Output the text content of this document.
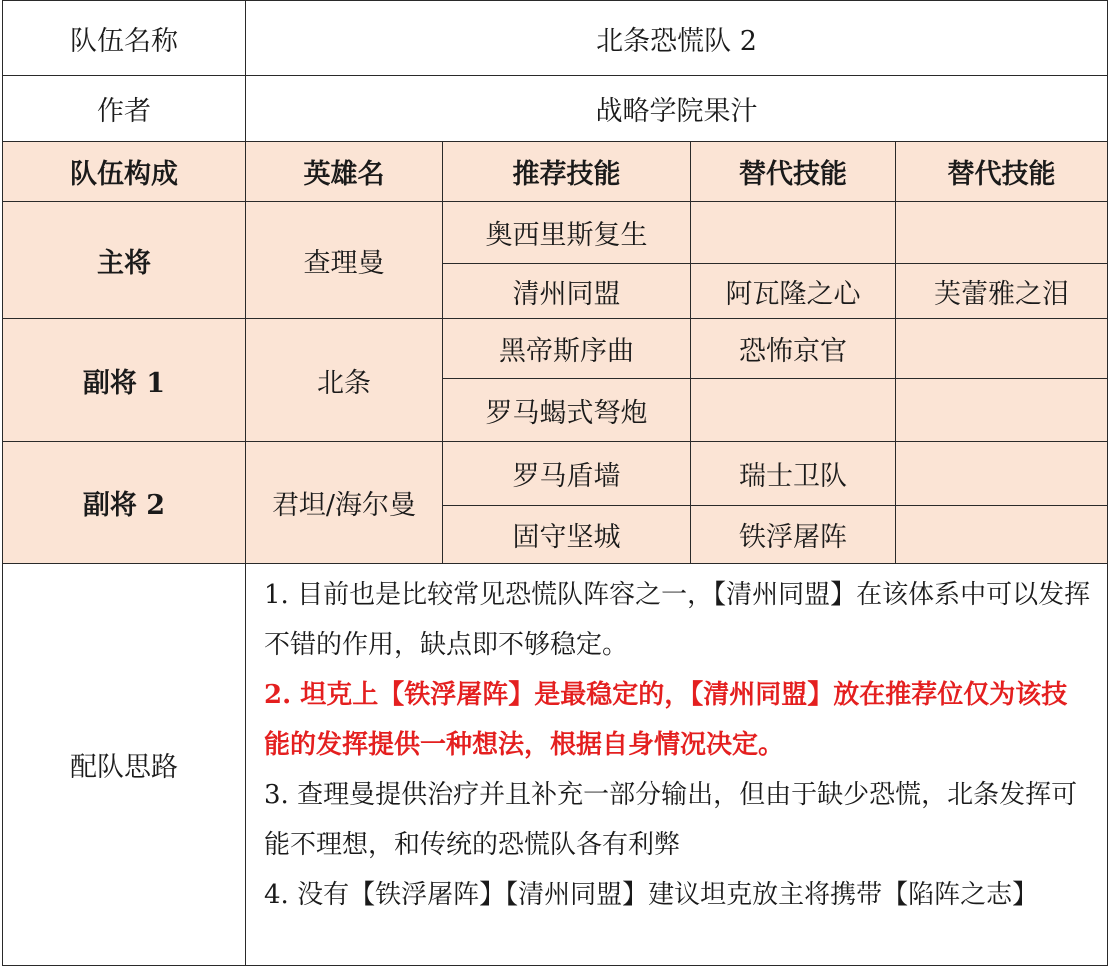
队伍名称	北条恐慌队 2			
作者	战略学院果汁			
队伍构成	英雄名	推荐技能	替代技能	替代技能
主将	查理曼	奥西里斯复生		
		清州同盟	阿瓦隆之心	芙蕾雅之泪
副将 1	北条	黑帝斯序曲	恐怖京官	
		罗马蝎式弩炮		
副将 2	君坦/海尔曼	罗马盾墙	瑞士卫队	
		固守坚城	铁浮屠阵	
配队思路	1. 目前也是比较常见恐慌队阵容之一，【清州同盟】在该体系中可以发挥不错的作用，缺点即不够稳定。
2. 坦克上【铁浮屠阵】是最稳定的，【清州同盟】放在推荐位仅为该技能的发挥提供一种想法，根据自身情况决定。
3. 查理曼提供治疗并且补充一部分输出，但由于缺少恐慌，北条发挥可能不理想，和传统的恐慌队各有利弊
4. 没有【铁浮屠阵】【清州同盟】建议坦克放主将携带【陷阵之志】			
